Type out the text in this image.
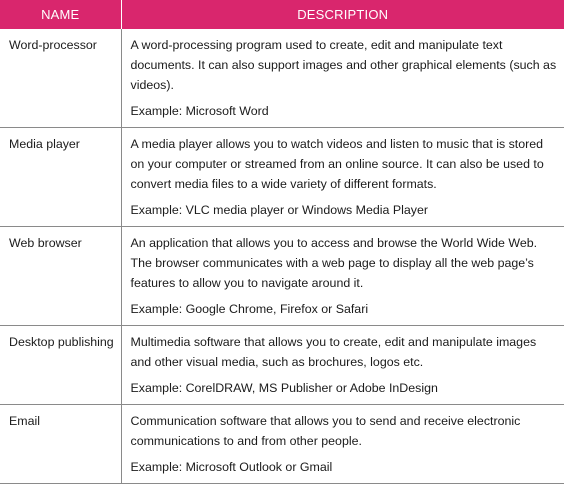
NAME	DESCRIPTION
Word-processor	A word-processing program used to create, edit and manipulate text documents. It can also support images and other graphical elements (such as videos).
Example: Microsoft Word

Media player	A media player allows you to watch videos and listen to music that is stored on your computer or streamed from an online source. It can also be used to convert media files to a wide variety of different formats.
Example: VLC media player or Windows Media Player

Web browser	An application that allows you to access and browse the World Wide Web. The browser communicates with a web page to display all the web page’s features to allow you to navigate around it.
Example: Google Chrome, Firefox or Safari

Desktop publishing	Multimedia software that allows you to create, edit and manipulate images and other visual media, such as brochures, logos etc.
Example: CorelDRAW, MS Publisher or Adobe InDesign

Email	Communication software that allows you to send and receive electronic communications to and from other people.
Example: Microsoft Outlook or Gmail
